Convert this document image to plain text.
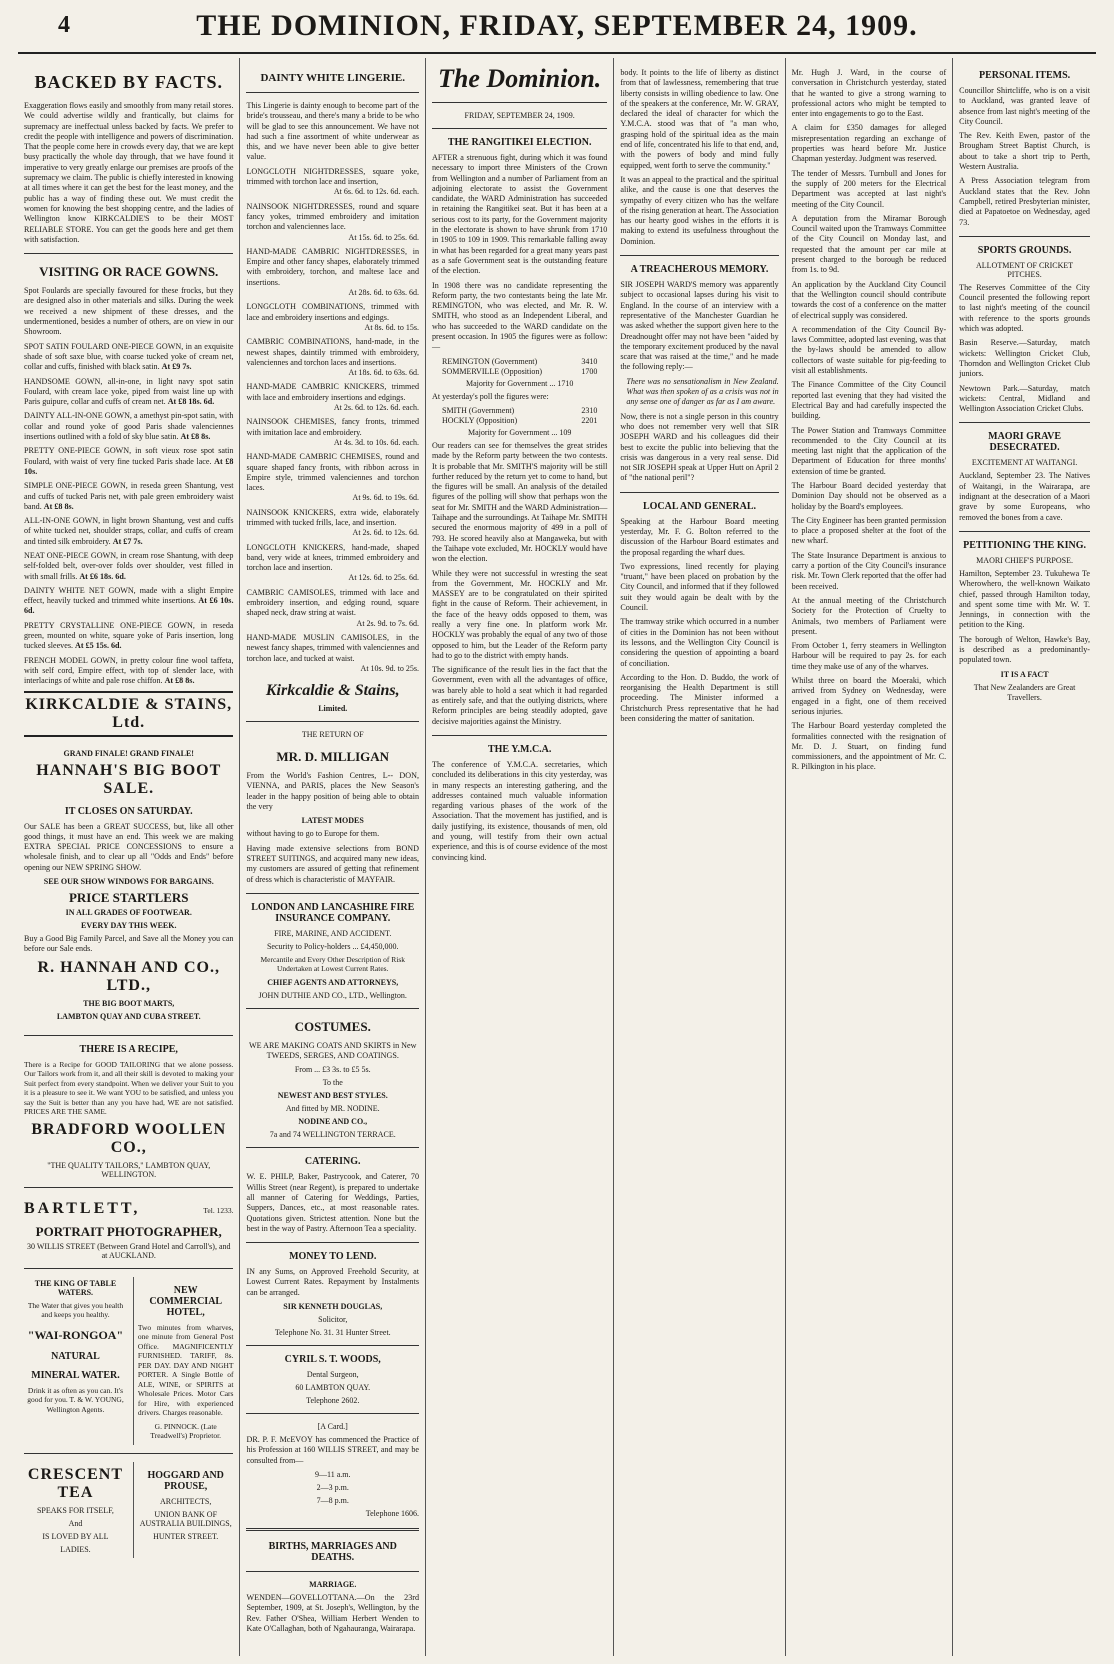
4	THE DOMINION, FRIDAY, SEPTEMBER 24, 1909.
BACKED BY FACTS.

Exaggeration flows easily and smoothly from many retail stores. We could advertise wildly and frantically, but claims for supremacy are ineffectual unless backed by facts. We prefer to credit the people with intelligence and powers of discrimination. That the people come here in crowds every day, that we are kept busy practically the whole day through, that we have found it imperative to very greatly enlarge our premises are proofs of the supremacy we claim. The public is chiefly interested in knowing at all times where it can get the best for the least money, and the public has a way of finding these out. We must credit the women for knowing the best shopping centre, and the ladies of Wellington know KIRKCALDIE'S to be their MOST RELIABLE STORE. You can get the goods here and get them with satisfaction.

VISITING OR RACE GOWNS.

Spot Foulards are specially favoured for these frocks, but they are designed also in other materials and silks. During the week we received a new shipment of these dresses, and the undermentioned, besides a number of others, are on view in our Showroom.

SPOT SATIN FOULARD ONE-PIECE GOWN, in an exquisite shade of soft saxe blue, with coarse tucked yoke of cream net, collar and cuffs, finished with black satin. At £9 7s.

HANDSOME GOWN, all-in-one, in light navy spot satin Foulard, with cream lace yoke, piped from waist line up with Paris guipure, collar and cuffs of cream net. At £8 18s. 6d.

DAINTY ALL-IN-ONE GOWN, a amethyst pin-spot satin, with collar and round yoke of good Paris shade valenciennes insertions outlined with a fold of sky blue satin. At £8 8s.

PRETTY ONE-PIECE GOWN, in soft vieux rose spot satin Foulard, with waist of very fine tucked Paris shade lace. At £8 10s.

SIMPLE ONE-PIECE GOWN, in reseda green Shantung, vest and cuffs of tucked Paris net, with pale green embroidery waist band. At £8 8s.

ALL-IN-ONE GOWN, in light brown Shantung, vest and cuffs of white tucked net, shoulder straps, collar, and cuffs of cream and tinted silk embroidery. At £7 7s.

NEAT ONE-PIECE GOWN, in cream rose Shantung, with deep self-folded belt, over-over folds over shoulder, vest filled in with small frills. At £6 18s. 6d.

DAINTY WHITE NET GOWN, made with a slight Empire effect, heavily tucked and trimmed white insertions. At £6 10s. 6d.

PRETTY CRYSTALLINE ONE-PIECE GOWN, in reseda green, mounted on white, square yoke of Paris insertion, long tucked sleeves. At £5 15s. 6d.

FRENCH MODEL GOWN, in pretty colour fine wool taffeta, with self cord, Empire effect, with top of slender lace, with interlacings of white and pale rose chiffon. At £8 8s.

KIRKCALDIE & STAINS, Ltd.
GRAND FINALE! GRAND FINALE!
HANNAH'S BIG BOOT SALE.
IT CLOSES ON SATURDAY.

Our SALE has been a GREAT SUCCESS, but, like all other good things, it must have an end. This week we are making EXTRA SPECIAL PRICE CONCESSIONS to ensure a wholesale finish, and to clear up all "Odds and Ends" before opening our NEW SPRING SHOW.

SEE OUR SHOW WINDOWS FOR BARGAINS.
PRICE STARTLERS
IN ALL GRADES OF FOOTWEAR.
EVERY DAY THIS WEEK.

Buy a Good Big Family Parcel, and Save all the Money you can before our Sale ends.

R. HANNAH AND CO., LTD.,
THE BIG BOOT MARTS,
LAMBTON QUAY AND CUBA STREET.
THERE IS A RECIPE,

There is a Recipe for GOOD TAILORING that we alone possess. Our Tailors work from it, and all their skill is devoted to making your Suit perfect from every standpoint. When we deliver your Suit to you it is a pleasure to see it. We want YOU to be satisfied, and unless you say the Suit is better than any you have had, WE are not satisfied. PRICES ARE THE SAME.

BRADFORD WOOLLEN CO.,
"THE QUALITY TAILORS," LAMBTON QUAY, WELLINGTON.
BARTLETT,	Tel. 1233.
PORTRAIT PHOTOGRAPHER,
30 WILLIS STREET (Between Grand Hotel and Carroll's), and at AUCKLAND.
THE KING OF TABLE WATERS.

The Water that gives you health and keeps you healthy.

"WAI-RONGOA"
NATURAL
MINERAL WATER.

Drink it as often as you can. It's good for you. T. & W. YOUNG, Wellington Agents.

NEW COMMERCIAL HOTEL,

Two minutes from wharves, one minute from General Post Office. MAGNIFICENTLY FURNISHED. TARIFF, 8s. PER DAY. DAY AND NIGHT PORTER. A Single Bottle of ALE, WINE, or SPIRITS at Wholesale Prices. Motor Cars for Hire, with experienced drivers. Charges reasonable.

G. PINNOCK. (Late Treadwell's) Proprietor.

CRESCENT TEA
SPEAKS FOR ITSELF,
And
IS LOVED BY ALL
LADIES.
HOGGARD AND PROUSE,
ARCHITECTS,
UNION BANK OF AUSTRALIA BUILDINGS,
HUNTER STREET.
DAINTY WHITE LINGERIE.

This Lingerie is dainty enough to become part of the bride's trousseau, and there's many a bride to be who will be glad to see this announcement. We have not had such a fine assortment of white underwear as this, and we have never been able to give better value.

LONGCLOTH NIGHTDRESSES, square yoke, trimmed with torchon lace and insertion,

At 6s. 6d. to 12s. 6d. each.

NAINSOOK NIGHTDRESSES, round and square fancy yokes, trimmed embroidery and imitation torchon and valenciennes lace.

At 15s. 6d. to 25s. 6d.

HAND-MADE CAMBRIC NIGHTDRESSES, in Empire and other fancy shapes, elaborately trimmed with embroidery, torchon, and maltese lace and insertions.

At 28s. 6d. to 63s. 6d.

LONGCLOTH COMBINATIONS, trimmed with lace and embroidery insertions and edgings.

At 8s. 6d. to 15s.

CAMBRIC COMBINATIONS, hand-made, in the newest shapes, daintily trimmed with embroidery, valenciennes and torchon laces and insertions.

At 18s. 6d. to 63s. 6d.

HAND-MADE CAMBRIC KNICKERS, trimmed with lace and embroidery insertions and edgings.

At 2s. 6d. to 12s. 6d. each.

NAINSOOK CHEMISES, fancy fronts, trimmed with imitation lace and embroidery.

At 4s. 3d. to 10s. 6d. each.

HAND-MADE CAMBRIC CHEMISES, round and square shaped fancy fronts, with ribbon across in Empire style, trimmed valenciennes and torchon laces.

At 9s. 6d. to 19s. 6d.

NAINSOOK KNICKERS, extra wide, elaborately trimmed with tucked frills, lace, and insertion.

At 2s. 6d. to 12s. 6d.

LONGCLOTH KNICKERS, hand-made, shaped band, very wide at knees, trimmed embroidery and torchon lace and insertion.

At 12s. 6d. to 25s. 6d.

CAMBRIC CAMISOLES, trimmed with lace and embroidery insertion, and edging round, square shaped neck, draw string at waist.

At 2s. 9d. to 7s. 6d.

HAND-MADE MUSLIN CAMISOLES, in the newest fancy shapes, trimmed with valenciennes and torchon lace, and tucked at waist.

At 10s. 9d. to 25s.

Kirkcaldie & Stains,
Limited.
THE RETURN OF
MR. D. MILLIGAN

From the World's Fashion Centres, L-- DON, VIENNA, and PARIS, places the New Season's leader in the happy position of being able to obtain the very

LATEST MODES

without having to go to Europe for them.

Having made extensive selections from BOND STREET SUITINGS, and acquired many new ideas, my customers are assured of getting that refinement of dress which is characteristic of MAYFAIR.

LONDON AND LANCASHIRE FIRE INSURANCE COMPANY.
FIRE, MARINE, AND ACCIDENT.
Security to Policy-holders ... £4,450,000.

Mercantile and Every Other Description of Risk Undertaken at Lowest Current Rates.

CHIEF AGENTS AND ATTORNEYS,
JOHN DUTHIE AND CO., LTD., Wellington.
COSTUMES.

WE ARE MAKING COATS AND SKIRTS in New TWEEDS, SERGES, AND COATINGS.

From ... £3 3s. to £5 5s.
To the
NEWEST AND BEST STYLES.
And fitted by MR. NODINE.
NODINE AND CO.,
7a and 74 WELLINGTON TERRACE.
CATERING.

W. E. PHILP, Baker, Pastrycook, and Caterer, 70 Willis Street (near Regent), is prepared to undertake all manner of Catering for Weddings, Parties, Suppers, Dances, etc., at most reasonable rates. Quotations given. Strictest attention. None but the best in the way of Pastry. Afternoon Tea a speciality.

MONEY TO LEND.

IN any Sums, on Approved Freehold Security, at Lowest Current Rates. Repayment by Instalments can be arranged.

SIR KENNETH DOUGLAS,
Solicitor,
Telephone No. 31. 31 Hunter Street.
CYRIL S. T. WOODS,
Dental Surgeon,
60 LAMBTON QUAY.
Telephone 2602.
[A Card.]

DR. P. F. McEVOY has commenced the Practice of his Profession at 160 WILLIS STREET, and may be consulted from—

9—11 a.m.
2—3 p.m.
7—8 p.m.
Telephone 1606.
BIRTHS, MARRIAGES AND DEATHS.
MARRIAGE.

WENDEN—GOVELLOTTANA.—On the 23rd September, 1909, at St. Joseph's, Wellington, by the Rev. Father O'Shea, William Herbert Wenden to Kate O'Callaghan, both of Ngahauranga, Wairarapa.

The Dominion.
FRIDAY, SEPTEMBER 24, 1909.
THE RANGITIKEI ELECTION.

AFTER a strenuous fight, during which it was found necessary to import three Ministers of the Crown from Wellington and a number of Parliament from an adjoining electorate to assist the Government candidate, the WARD Administration has succeeded in retaining the Rangitikei seat. But it has been at a serious cost to its party, for the Government majority in the electorate is shown to have shrunk from 1710 in 1905 to 109 in 1909. This remarkable falling away in what has been regarded for a great many years past as a safe Government seat is the outstanding feature of the election.

In 1908 there was no candidate representing the Reform party, the two contestants being the late Mr. REMINGTON, who was elected, and Mr. R. W. SMITH, who stood as an Independent Liberal, and who has succeeded to the WARD candidate on the present occasion. In 1905 the figures were as follow:—

REMINGTON (Government)	3410
SOMMERVILLE (Opposition)	1700
Majority for Government ... 1710

At yesterday's poll the figures were:

SMITH (Government)	2310
HOCKLY (Opposition)	2201
Majority for Government ... 109

Our readers can see for themselves the great strides made by the Reform party between the two contests. It is probable that Mr. SMITH'S majority will be still further reduced by the return yet to come to hand, but the figures will be small. An analysis of the detailed figures of the polling will show that perhaps won the seat for Mr. SMITH and the WARD Administration—Taihape and the surroundings. At Taihape Mr. SMITH secured the enormous majority of 499 in a poll of 793. He scored heavily also at Mangaweka, but with the Taihape vote excluded, Mr. HOCKLY would have won the election.

While they were not successful in wresting the seat from the Government, Mr. HOCKLY and Mr. MASSEY are to be congratulated on their spirited fight in the cause of Reform. Their achievement, in the face of the heavy odds opposed to them, was really a very fine one. In platform work Mr. HOCKLY was probably the equal of any two of those opposed to him, but the Leader of the Reform party had to go to the district with empty hands.

The significance of the result lies in the fact that the Government, even with all the advantages of office, was barely able to hold a seat which it had regarded as entirely safe, and that the outlying districts, where Reform principles are being steadily adopted, gave decisive majorities against the Ministry.

THE Y.M.C.A.

The conference of Y.M.C.A. secretaries, which concluded its deliberations in this city yesterday, was in many respects an interesting gathering, and the addresses contained much valuable information regarding various phases of the work of the Association. That the movement has justified, and is daily justifying, its existence, thousands of men, old and young, will testify from their own actual experience, and this is of course evidence of the most convincing kind.

body. It points to the life of liberty as distinct from that of lawlessness, remembering that true liberty consists in willing obedience to law. One of the speakers at the conference, Mr. W. GRAY, declared the ideal of character for which the Y.M.C.A. stood was that of "a man who, grasping hold of the spiritual idea as the main end of life, concentrated his life to that end, and, with the powers of body and mind fully equipped, went forth to serve the community."

It was an appeal to the practical and the spiritual alike, and the cause is one that deserves the sympathy of every citizen who has the welfare of the rising generation at heart. The Association has our hearty good wishes in the efforts it is making to extend its usefulness throughout the Dominion.

A TREACHEROUS MEMORY.

SIR JOSEPH WARD'S memory was apparently subject to occasional lapses during his visit to England. In the course of an interview with a representative of the Manchester Guardian he was asked whether the support given here to the Dreadnought offer may not have been "aided by the temporary excitement produced by the naval scare that was raised at the time," and he made the following reply:—

There was no sensationalism in New Zealand. What was then spoken of as a crisis was not in any sense one of danger as far as I am aware.

Now, there is not a single person in this country who does not remember very well that SIR JOSEPH WARD and his colleagues did their best to excite the public into believing that the crisis was dangerous in a very real sense. Did not SIR JOSEPH speak at Upper Hutt on April 2 of "the national peril"?

LOCAL AND GENERAL.

Speaking at the Harbour Board meeting yesterday, Mr. F. G. Bolton referred to the discussion of the Harbour Board estimates and the proposal regarding the wharf dues.

Two expressions, lined recently for playing "truant," have been placed on probation by the City Council, and informed that if they followed suit they would again be dealt with by the Council.

The tramway strike which occurred in a number of cities in the Dominion has not been without its lessons, and the Wellington City Council is considering the question of appointing a board of conciliation.

According to the Hon. D. Buddo, the work of reorganising the Health Department is still proceeding. The Minister informed a Christchurch Press representative that he had been considering the matter of sanitation.

Mr. Hugh J. Ward, in the course of conversation in Christchurch yesterday, stated that he wanted to give a strong warning to professional actors who might be tempted to enter into engagements to go to the East.

A claim for £350 damages for alleged misrepresentation regarding an exchange of properties was heard before Mr. Justice Chapman yesterday. Judgment was reserved.

The tender of Messrs. Turnbull and Jones for the supply of 200 meters for the Electrical Department was accepted at last night's meeting of the City Council.

A deputation from the Miramar Borough Council waited upon the Tramways Committee of the City Council on Monday last, and requested that the amount per car mile at present charged to the borough be reduced from 1s. to 9d.

An application by the Auckland City Council that the Wellington council should contribute towards the cost of a conference on the matter of electrical supply was considered.

A recommendation of the City Council By-laws Committee, adopted last evening, was that the by-laws should be amended to allow collectors of waste suitable for pig-feeding to visit all establishments.

The Finance Committee of the City Council reported last evening that they had visited the Electrical Bay and had carefully inspected the building.

The Power Station and Tramways Committee recommended to the City Council at its meeting last night that the application of the Department of Education for three months' extension of time be granted.

The Harbour Board decided yesterday that Dominion Day should not be observed as a holiday by the Board's employees.

The City Engineer has been granted permission to place a proposed shelter at the foot of the new wharf.

The State Insurance Department is anxious to carry a portion of the City Council's insurance risk. Mr. Town Clerk reported that the offer had been received.

At the annual meeting of the Christchurch Society for the Protection of Cruelty to Animals, two members of Parliament were present.

From October 1, ferry steamers in Wellington Harbour will be required to pay 2s. for each time they make use of any of the wharves.

Whilst three on board the Moeraki, which arrived from Sydney on Wednesday, were engaged in a fight, one of them received serious injuries.

The Harbour Board yesterday completed the formalities connected with the resignation of Mr. D. J. Stuart, on finding fund commissioners, and the appointment of Mr. C. R. Pilkington in his place.

PERSONAL ITEMS.

Councillor Shirtcliffe, who is on a visit to Auckland, was granted leave of absence from last night's meeting of the City Council.

The Rev. Keith Ewen, pastor of the Brougham Street Baptist Church, is about to take a short trip to Perth, Western Australia.

A Press Association telegram from Auckland states that the Rev. John Campbell, retired Presbyterian minister, died at Papatoetoe on Wednesday, aged 73.

SPORTS GROUNDS.
ALLOTMENT OF CRICKET PITCHES.

The Reserves Committee of the City Council presented the following report to last night's meeting of the council with reference to the sports grounds which was adopted.

Basin Reserve.—Saturday, match wickets: Wellington Cricket Club, Thorndon and Wellington Cricket Club juniors.

Newtown Park.—Saturday, match wickets: Central, Midland and Wellington Association Cricket Clubs.

MAORI GRAVE DESECRATED.
EXCITEMENT AT WAITANGI.

Auckland, September 23. The Natives of Waitangi, in the Wairarapa, are indignant at the desecration of a Maori grave by some Europeans, who removed the bones from a cave.

PETITIONING THE KING.
MAORI CHIEF'S PURPOSE.

Hamilton, September 23. Tukuhewa Te Wherowhero, the well-known Waikato chief, passed through Hamilton today, and spent some time with Mr. W. T. Jennings, in connection with the petition to the King.

The borough of Welton, Hawke's Bay, is described as a predominantly-populated town.

IT IS A FACT

That New Zealanders are Great Travellers.
